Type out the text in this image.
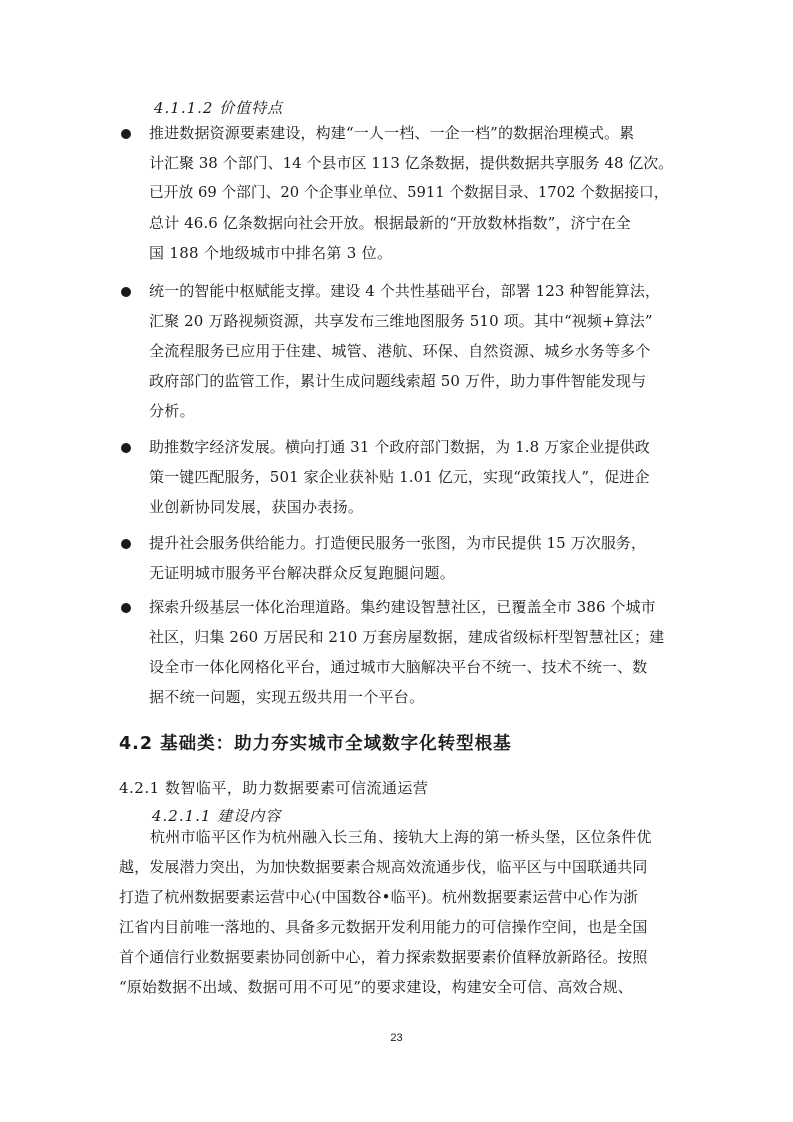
4.1.1.2 价值特点
推进数据资源要素建设，构建“一人一档、一企一档”的数据治理模式。累
计汇聚 38 个部门、14 个县市区 113 亿条数据，提供数据共享服务 48 亿次。
已开放 69 个部门、20 个企事业单位、5911 个数据目录、1702 个数据接口，
总计 46.6 亿条数据向社会开放。根据最新的“开放数林指数”，济宁在全
国 188 个地级城市中排名第 3 位。
统一的智能中枢赋能支撑。建设 4 个共性基础平台，部署 123 种智能算法，
汇聚 20 万路视频资源，共享发布三维地图服务 510 项。其中“视频+算法”
全流程服务已应用于住建、城管、港航、环保、自然资源、城乡水务等多个
政府部门的监管工作，累计生成问题线索超 50 万件，助力事件智能发现与
分析。
助推数字经济发展。横向打通 31 个政府部门数据，为 1.8 万家企业提供政
策一键匹配服务，501 家企业获补贴 1.01 亿元，实现“政策找人”，促进企
业创新协同发展，获国办表扬。
提升社会服务供给能力。打造便民服务一张图，为市民提供 15 万次服务，
无证明城市服务平台解决群众反复跑腿问题。
探索升级基层一体化治理道路。集约建设智慧社区，已覆盖全市 386 个城市
社区，归集 260 万居民和 210 万套房屋数据，建成省级标杆型智慧社区；建
设全市一体化网格化平台，通过城市大脑解决平台不统一、技术不统一、数
据不统一问题，实现五级共用一个平台。
4.2 基础类：助力夯实城市全域数字化转型根基
4.2.1 数智临平，助力数据要素可信流通运营
4.2.1.1 建设内容
杭州市临平区作为杭州融入长三角、接轨大上海的第一桥头堡，区位条件优
越，发展潜力突出，为加快数据要素合规高效流通步伐，临平区与中国联通共同
打造了杭州数据要素运营中心(中国数谷•临平)。杭州数据要素运营中心作为浙
江省内目前唯一落地的、具备多元数据开发利用能力的可信操作空间，也是全国
首个通信行业数据要素协同创新中心，着力探索数据要素价值释放新路径。按照
“原始数据不出域、数据可用不可见”的要求建设，构建安全可信、高效合规、
23
